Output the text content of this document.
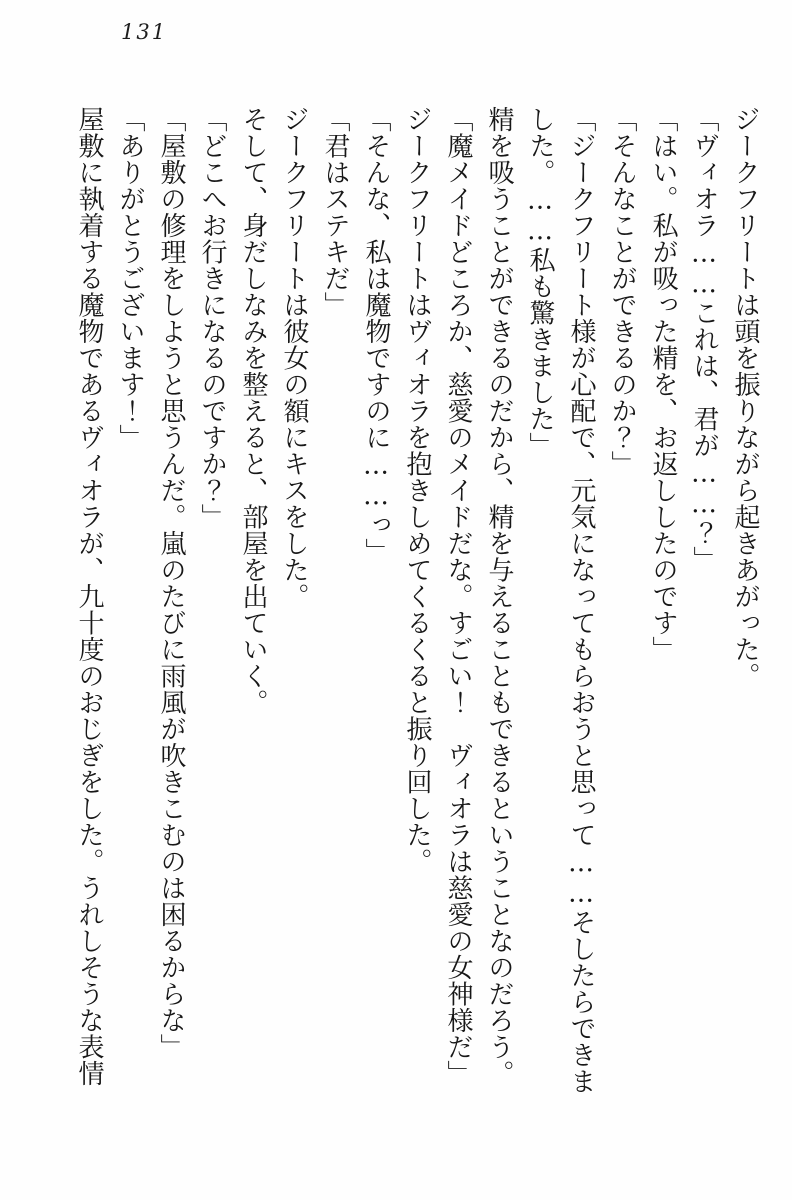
131

ジークフリートは頭を振りながら起きあがった。

「ヴィオラ……これは、君が……？」

「はい。私が吸った精を、お返ししたのです」

「そんなことができるのか？」

「ジークフリート様が心配で、元気になってもらおうと思って……そしたらできました。……私も驚きました」

精を吸うことができるのだから、精を与えることもできるということなのだろう。

「魔メイドどころか、慈愛のメイドだな。すごい！　ヴィオラは慈愛の女神様だ」

ジークフリートはヴィオラを抱きしめてくるくると振り回した。

「そんな、私は魔物ですのに……っ」

「君はステキだ」

ジークフリートは彼女の額にキスをした。

そして、身だしなみを整えると、部屋を出ていく。

「どこへお行きになるのですか？」

「屋敷の修理をしようと思うんだ。嵐のたびに雨風が吹きこむのは困るからな」

「ありがとうございます！」

屋敷に執着する魔物であるヴィオラが、九十度のおじぎをした。うれしそうな表情
